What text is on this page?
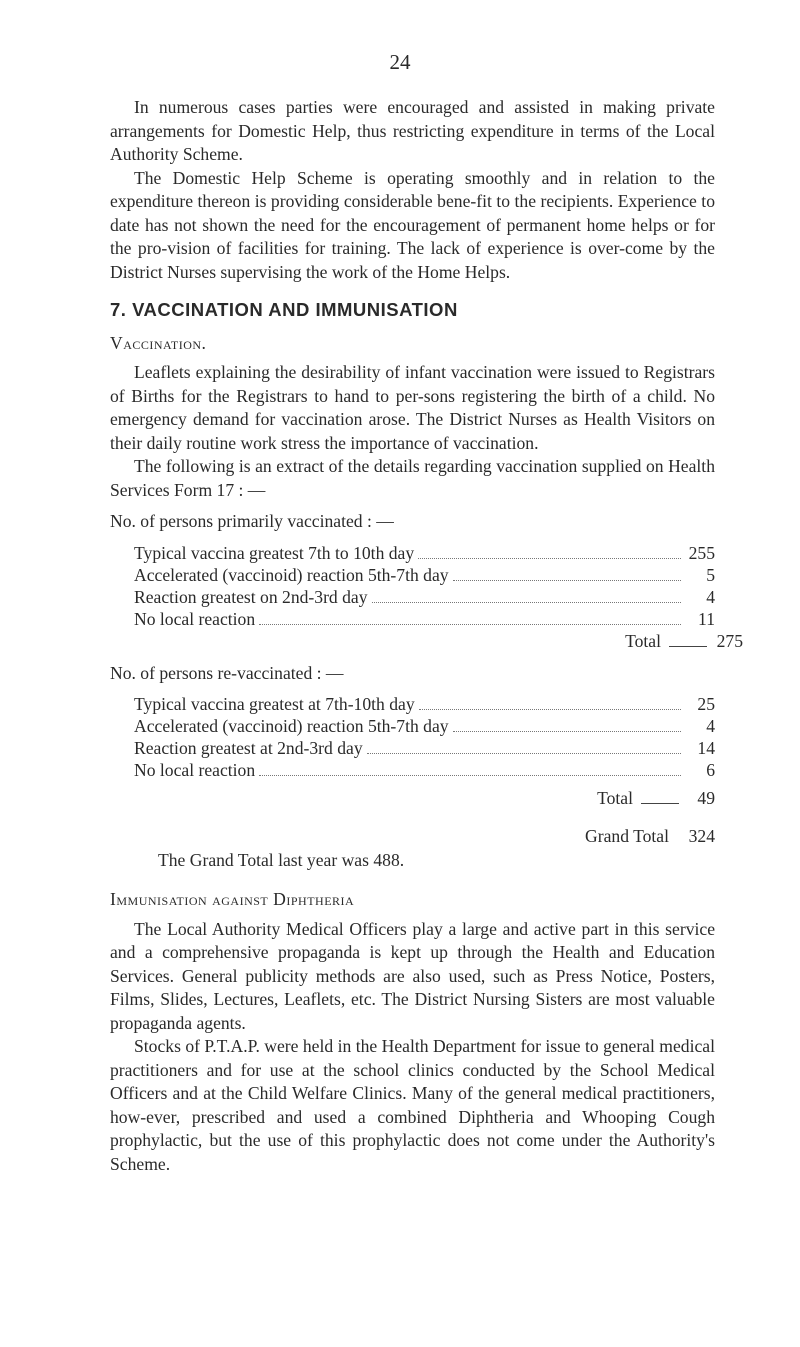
24

In numerous cases parties were encouraged and assisted in making private arrangements for Domestic Help, thus restricting expenditure in terms of the Local Authority Scheme.

The Domestic Help Scheme is operating smoothly and in relation to the expenditure thereon is providing considerable bene-fit to the recipients. Experience to date has not shown the need for the encouragement of permanent home helps or for the pro-vision of facilities for training. The lack of experience is over-come by the District Nurses supervising the work of the Home Helps.

7. VACCINATION AND IMMUNISATION
Vaccination.

Leaflets explaining the desirability of infant vaccination were issued to Registrars of Births for the Registrars to hand to per-sons registering the birth of a child. No emergency demand for vaccination arose. The District Nurses as Health Visitors on their daily routine work stress the importance of vaccination.

The following is an extract of the details regarding vaccination supplied on Health Services Form 17 : —

No. of persons primarily vaccinated : —

Typical vaccina greatest 7th to 10th day	255
Accelerated (vaccinoid) reaction 5th-7th day	5
Reaction greatest on 2nd-3rd day	4
No local reaction	11
Total	275

No. of persons re-vaccinated : —

Typical vaccina greatest at 7th-10th day	25
Accelerated (vaccinoid) reaction 5th-7th day	4
Reaction greatest at 2nd-3rd day	14
No local reaction	6
Total	49
Grand Total 324

The Grand Total last year was 488.

Immunisation against Diphtheria

The Local Authority Medical Officers play a large and active part in this service and a comprehensive propaganda is kept up through the Health and Education Services. General publicity methods are also used, such as Press Notice, Posters, Films, Slides, Lectures, Leaflets, etc. The District Nursing Sisters are most valuable propaganda agents.

Stocks of P.T.A.P. were held in the Health Department for issue to general medical practitioners and for use at the school clinics conducted by the School Medical Officers and at the Child Welfare Clinics. Many of the general medical practitioners, how-ever, prescribed and used a combined Diphtheria and Whooping Cough prophylactic, but the use of this prophylactic does not come under the Authority's Scheme.
